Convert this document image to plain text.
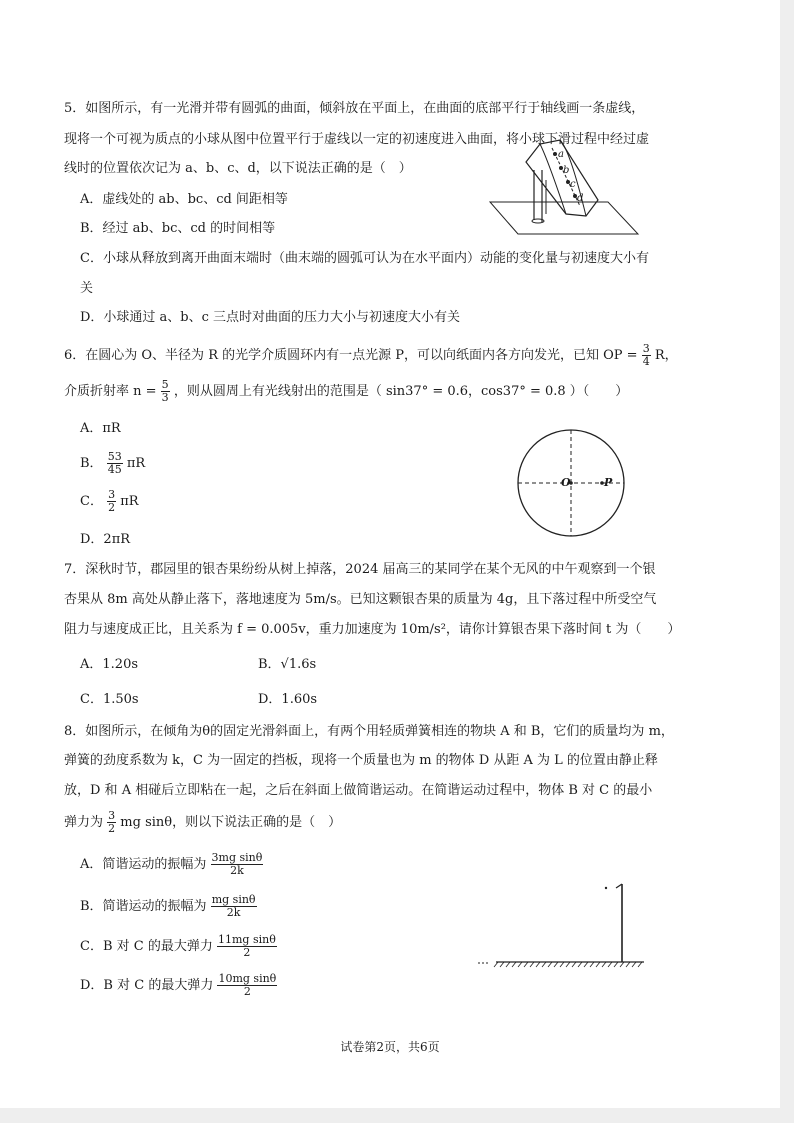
5．如图所示，有一光滑并带有圆弧的曲面，倾斜放在平面上，在曲面的底部平行于轴线画一条虚线，
现将一个可视为质点的小球从图中位置平行于虚线以一定的初速度进入曲面，将小球下滑过程中经过虚
线时的位置依次记为 a、b、c、d，以下说法正确的是（　）
A．虚线处的 ab、bc、cd 间距相等
B．经过 ab、bc、cd 的时间相等
C．小球从释放到离开曲面末端时（曲末端的圆弧可认为在水平面内）动能的变化量与初速度大小有
关
D．小球通过 a、b、c 三点时对曲面的压力大小与初速度大小有关
a
b
c
d
6．在圆心为 O、半径为 R 的光学介质圆环内有一点光源 P，可以向纸面内各方向发光，已知 OP = $\frac{3}{4}$ R，
介质折射率 $n = \frac{5}{3}$ ，则从圆周上有光线射出的范围是（ sin37° = 0.6，cos37° = 0.8 ）（　　）
A．πR
B． $\frac{53}{45}$ πR
C． $\frac{3}{2}$ πR
D．2πR
O	P
7．深秋时节，郡园里的银杏果纷纷从树上掉落，2024 届高三的某同学在某个无风的中午观察到一个银
杏果从 8m 高处从静止落下，落地速度为 5m/s。已知这颗银杏果的质量为 4g，且下落过程中所受空气
阻力与速度成正比，且关系为 f = 0.005v，重力加速度为 10m/s²，请你计算银杏果下落时间 t 为（　　）
A．1.20s	B．√1.6s
C．1.50s	D．1.60s
8．如图所示，在倾角为θ的固定光滑斜面上，有两个用轻质弹簧相连的物块 A 和 B，它们的质量均为 m，
弹簧的劲度系数为 k，C 为一固定的挡板，现将一个质量也为 m 的物体 D 从距 A 为 L 的位置由静止释
放，D 和 A 相碰后立即粘在一起，之后在斜面上做简谐运动。在简谐运动过程中，物体 B 对 C 的最小
弹力为 $\frac{3}{2}$ mg sinθ，则以下说法正确的是（　）
A．简谐运动的振幅为 $\frac{\text{3mg sinθ}}{2k}$
B．简谐运动的振幅为 $\frac{\text{mg sinθ}}{2k}$
C．B 对 C 的最大弹力 $\frac{\text{11mg sinθ}}{2}$
D．B 对 C 的最大弹力 $\frac{\text{10mg sinθ}}{2}$
试卷第2页，共6页
